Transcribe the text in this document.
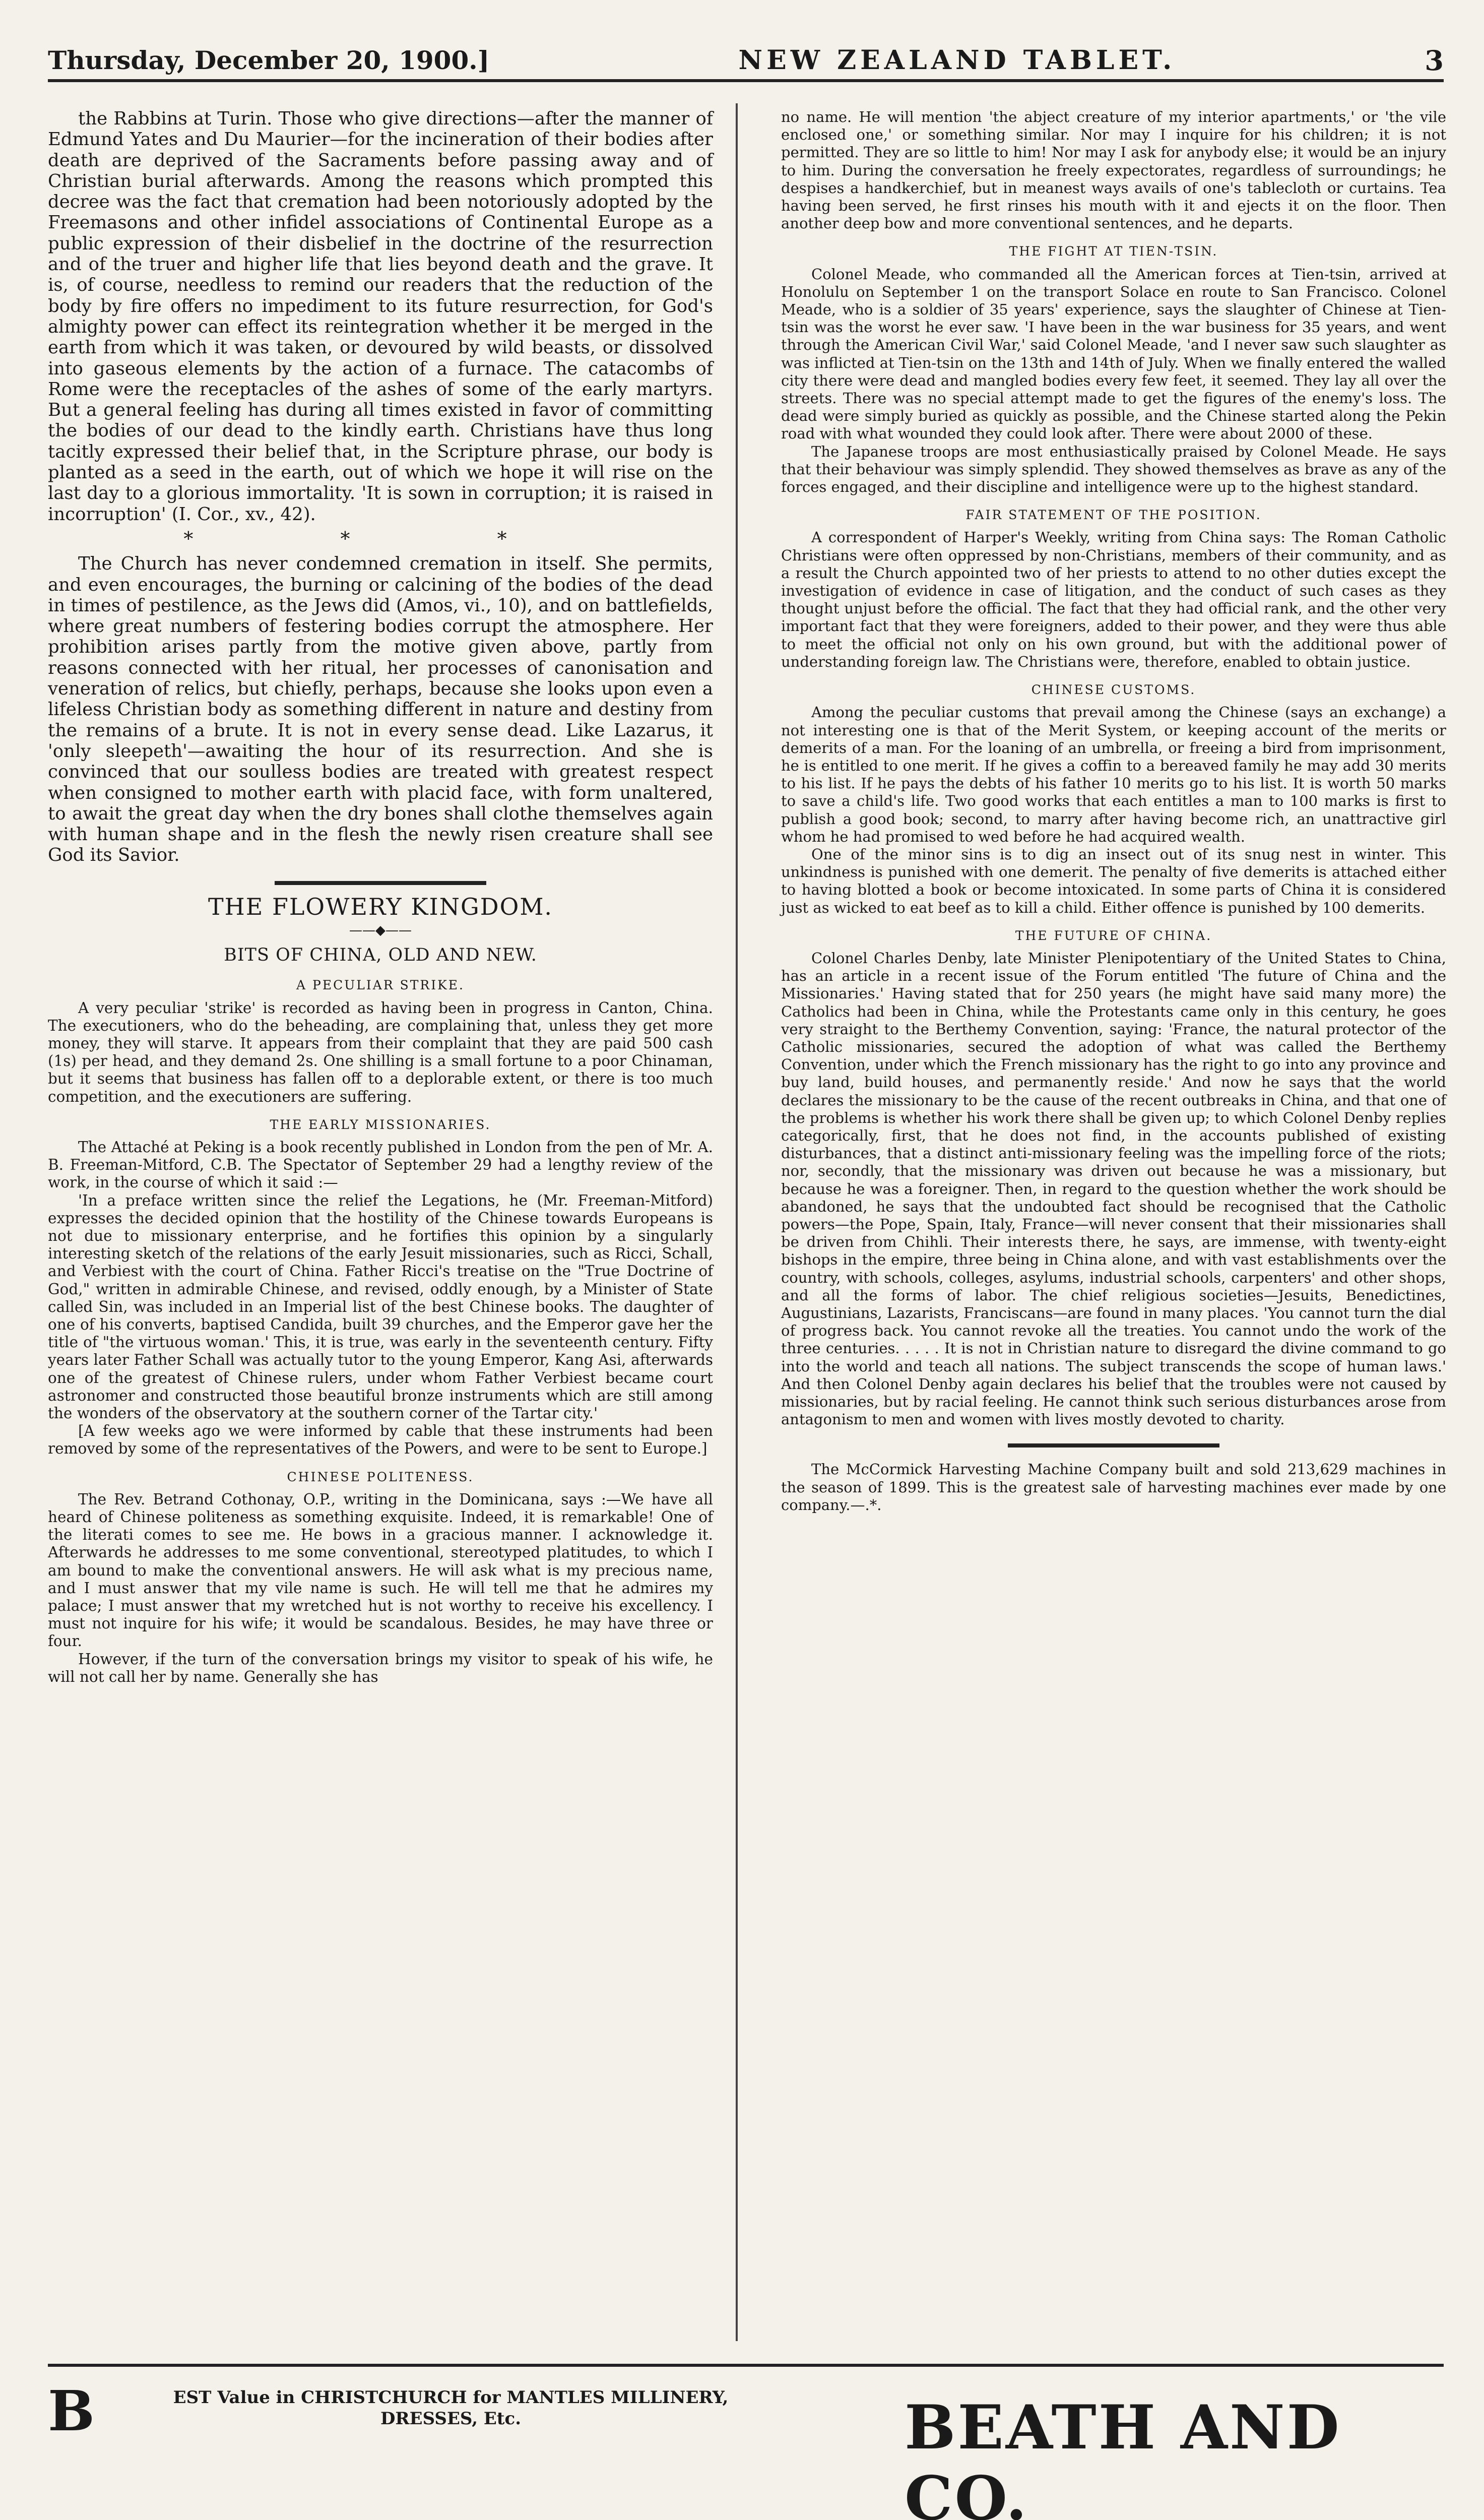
Thursday, December 20, 1900.]	NEW ZEALAND TABLET.	3

the Rabbins at Turin. Those who give directions—after the manner of Edmund Yates and Du Maurier—for the incineration of their bodies after death are deprived of the Sacraments before passing away and of Christian burial afterwards. Among the reasons which prompted this decree was the fact that cremation had been notoriously adopted by the Freemasons and other infidel associations of Continental Europe as a public expression of their disbelief in the doctrine of the resurrection and of the truer and higher life that lies beyond death and the grave. It is, of course, needless to remind our readers that the reduction of the body by fire offers no impediment to its future resurrection, for God's almighty power can effect its reintegration whether it be merged in the earth from which it was taken, or devoured by wild beasts, or dissolved into gaseous elements by the action of a furnace. The catacombs of Rome were the receptacles of the ashes of some of the early martyrs. But a general feeling has during all times existed in favor of committing the bodies of our dead to the kindly earth. Christians have thus long tacitly expressed their belief that, in the Scripture phrase, our body is planted as a seed in the earth, out of which we hope it will rise on the last day to a glorious immortality. 'It is sown in corruption; it is raised in incorruption' (I. Cor., xv., 42).

* * *

The Church has never condemned cremation in itself. She permits, and even encourages, the burning or calcining of the bodies of the dead in times of pestilence, as the Jews did (Amos, vi., 10), and on battlefields, where great numbers of festering bodies corrupt the atmosphere. Her prohibition arises partly from the motive given above, partly from reasons connected with her ritual, her processes of canonisation and veneration of relics, but chiefly, perhaps, because she looks upon even a lifeless Christian body as something different in nature and destiny from the remains of a brute. It is not in every sense dead. Like Lazarus, it 'only sleepeth'—awaiting the hour of its resurrection. And she is convinced that our soulless bodies are treated with greatest respect when consigned to mother earth with placid face, with form unaltered, to await the great day when the dry bones shall clothe themselves again with human shape and in the flesh the newly risen creature shall see God its Savior.

THE FLOWERY KINGDOM.
——◆——
BITS OF CHINA, OLD AND NEW.
A PECULIAR STRIKE.

A very peculiar 'strike' is recorded as having been in progress in Canton, China. The executioners, who do the beheading, are complaining that, unless they get more money, they will starve. It appears from their complaint that they are paid 500 cash (1s) per head, and they demand 2s. One shilling is a small fortune to a poor Chinaman, but it seems that business has fallen off to a deplorable extent, or there is too much competition, and the executioners are suffering.

THE EARLY MISSIONARIES.

The Attaché at Peking is a book recently published in London from the pen of Mr. A. B. Freeman-Mitford, C.B. The Spectator of September 29 had a lengthy review of the work, in the course of which it said :—

'In a preface written since the relief the Legations, he (Mr. Freeman-Mitford) expresses the decided opinion that the hostility of the Chinese towards Europeans is not due to missionary enterprise, and he fortifies this opinion by a singularly interesting sketch of the relations of the early Jesuit missionaries, such as Ricci, Schall, and Verbiest with the court of China. Father Ricci's treatise on the "True Doctrine of God," written in admirable Chinese, and revised, oddly enough, by a Minister of State called Sin, was included in an Imperial list of the best Chinese books. The daughter of one of his converts, baptised Candida, built 39 churches, and the Emperor gave her the title of "the virtuous woman.' This, it is true, was early in the seventeenth century. Fifty years later Father Schall was actually tutor to the young Emperor, Kang Asi, afterwards one of the greatest of Chinese rulers, under whom Father Verbiest became court astronomer and constructed those beautiful bronze instruments which are still among the wonders of the observatory at the southern corner of the Tartar city.'

[A few weeks ago we were informed by cable that these instruments had been removed by some of the representatives of the Powers, and were to be sent to Europe.]

CHINESE POLITENESS.

The Rev. Betrand Cothonay, O.P., writing in the Dominicana, says :—We have all heard of Chinese politeness as something exquisite. Indeed, it is remarkable! One of the literati comes to see me. He bows in a gracious manner. I acknowledge it. Afterwards he addresses to me some conventional, stereotyped platitudes, to which I am bound to make the conventional answers. He will ask what is my precious name, and I must answer that my vile name is such. He will tell me that he admires my palace; I must answer that my wretched hut is not worthy to receive his excellency. I must not inquire for his wife; it would be scandalous. Besides, he may have three or four.

However, if the turn of the conversation brings my visitor to speak of his wife, he will not call her by name. Generally she has

no name. He will mention 'the abject creature of my interior apartments,' or 'the vile enclosed one,' or something similar. Nor may I inquire for his children; it is not permitted. They are so little to him! Nor may I ask for anybody else; it would be an injury to him. During the conversation he freely expectorates, regardless of surroundings; he despises a handkerchief, but in meanest ways avails of one's tablecloth or curtains. Tea having been served, he first rinses his mouth with it and ejects it on the floor. Then another deep bow and more conventional sentences, and he departs.

THE FIGHT AT TIEN-TSIN.

Colonel Meade, who commanded all the American forces at Tien-tsin, arrived at Honolulu on September 1 on the transport Solace en route to San Francisco. Colonel Meade, who is a soldier of 35 years' experience, says the slaughter of Chinese at Tien-tsin was the worst he ever saw. 'I have been in the war business for 35 years, and went through the American Civil War,' said Colonel Meade, 'and I never saw such slaughter as was inflicted at Tien-tsin on the 13th and 14th of July. When we finally entered the walled city there were dead and mangled bodies every few feet, it seemed. They lay all over the streets. There was no special attempt made to get the figures of the enemy's loss. The dead were simply buried as quickly as possible, and the Chinese started along the Pekin road with what wounded they could look after. There were about 2000 of these.

The Japanese troops are most enthusiastically praised by Colonel Meade. He says that their behaviour was simply splendid. They showed themselves as brave as any of the forces engaged, and their discipline and intelligence were up to the highest standard.

FAIR STATEMENT OF THE POSITION.

A correspondent of Harper's Weekly, writing from China says: The Roman Catholic Christians were often oppressed by non-Christians, members of their community, and as a result the Church appointed two of her priests to attend to no other duties except the investigation of evidence in case of litigation, and the conduct of such cases as they thought unjust before the official. The fact that they had official rank, and the other very important fact that they were foreigners, added to their power, and they were thus able to meet the official not only on his own ground, but with the additional power of understanding foreign law. The Christians were, therefore, enabled to obtain justice.

CHINESE CUSTOMS.

Among the peculiar customs that prevail among the Chinese (says an exchange) a not interesting one is that of the Merit System, or keeping account of the merits or demerits of a man. For the loaning of an umbrella, or freeing a bird from imprisonment, he is entitled to one merit. If he gives a coffin to a bereaved family he may add 30 merits to his list. If he pays the debts of his father 10 merits go to his list. It is worth 50 marks to save a child's life. Two good works that each entitles a man to 100 marks is first to publish a good book; second, to marry after having become rich, an unattractive girl whom he had promised to wed before he had acquired wealth.

One of the minor sins is to dig an insect out of its snug nest in winter. This unkindness is punished with one demerit. The penalty of five demerits is attached either to having blotted a book or become intoxicated. In some parts of China it is considered just as wicked to eat beef as to kill a child. Either offence is punished by 100 demerits.

THE FUTURE OF CHINA.

Colonel Charles Denby, late Minister Plenipotentiary of the United States to China, has an article in a recent issue of the Forum entitled 'The future of China and the Missionaries.' Having stated that for 250 years (he might have said many more) the Catholics had been in China, while the Protestants came only in this century, he goes very straight to the Berthemy Convention, saying: 'France, the natural protector of the Catholic missionaries, secured the adoption of what was called the Berthemy Convention, under which the French missionary has the right to go into any province and buy land, build houses, and permanently reside.' And now he says that the world declares the missionary to be the cause of the recent outbreaks in China, and that one of the problems is whether his work there shall be given up; to which Colonel Denby replies categorically, first, that he does not find, in the accounts published of existing disturbances, that a distinct anti-missionary feeling was the impelling force of the riots; nor, secondly, that the missionary was driven out because he was a missionary, but because he was a foreigner. Then, in regard to the question whether the work should be abandoned, he says that the undoubted fact should be recognised that the Catholic powers—the Pope, Spain, Italy, France—will never consent that their missionaries shall be driven from Chihli. Their interests there, he says, are immense, with twenty-eight bishops in the empire, three being in China alone, and with vast establishments over the country, with schools, colleges, asylums, industrial schools, carpenters' and other shops, and all the forms of labor. The chief religious societies—Jesuits, Benedictines, Augustinians, Lazarists, Franciscans—are found in many places. 'You cannot turn the dial of progress back. You cannot revoke all the treaties. You cannot undo the work of the three centuries. . . . . It is not in Christian nature to disregard the divine command to go into the world and teach all nations. The subject transcends the scope of human laws.' And then Colonel Denby again declares his belief that the troubles were not caused by missionaries, but by racial feeling. He cannot think such serious disturbances arose from antagonism to men and women with lives mostly devoted to charity.

The McCormick Harvesting Machine Company built and sold 213,629 machines in the season of 1899. This is the greatest sale of harvesting machines ever made by one company.—.*.

B	EST Value in CHRISTCHURCH for MANTLES MILLINERY,
DRESSES, Etc.	BEATH AND CO.
